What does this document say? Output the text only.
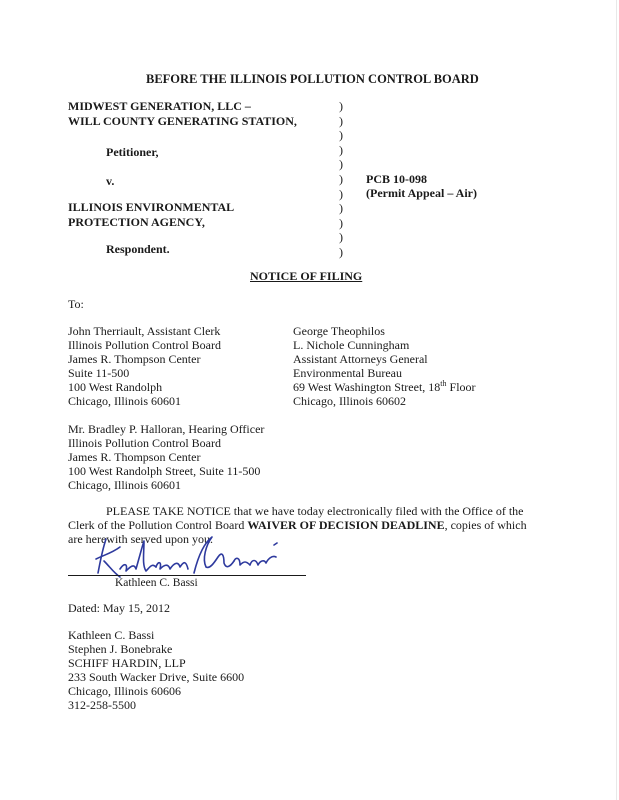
BEFORE THE ILLINOIS POLLUTION CONTROL BOARD
MIDWEST GENERATION, LLC –
WILL COUNTY GENERATING STATION,
Petitioner,
v.
ILLINOIS ENVIRONMENTAL
PROTECTION AGENCY,
Respondent.
)
)
)
)
)
)
)
)
)
)
)
PCB 10-098
(Permit Appeal – Air)
NOTICE OF FILING
To:
John Therriault, Assistant Clerk
Illinois Pollution Control Board
James R. Thompson Center
Suite 11-500
100 West Randolph
Chicago, Illinois 60601
George Theophilos
L. Nichole Cunningham
Assistant Attorneys General
Environmental Bureau
69 West Washington Street, 18th Floor
Chicago, Illinois 60602
Mr. Bradley P. Halloran, Hearing Officer
Illinois Pollution Control Board
James R. Thompson Center
100 West Randolph Street, Suite 11-500
Chicago, Illinois 60601
PLEASE TAKE NOTICE that we have today electronically filed with the Office of the
Clerk of the Pollution Control Board WAIVER OF DECISION DEADLINE, copies of which
are herewith served upon you.
Kathleen C. Bassi
Dated: May 15, 2012
Kathleen C. Bassi
Stephen J. Bonebrake
SCHIFF HARDIN, LLP
233 South Wacker Drive, Suite 6600
Chicago, Illinois 60606
312-258-5500
